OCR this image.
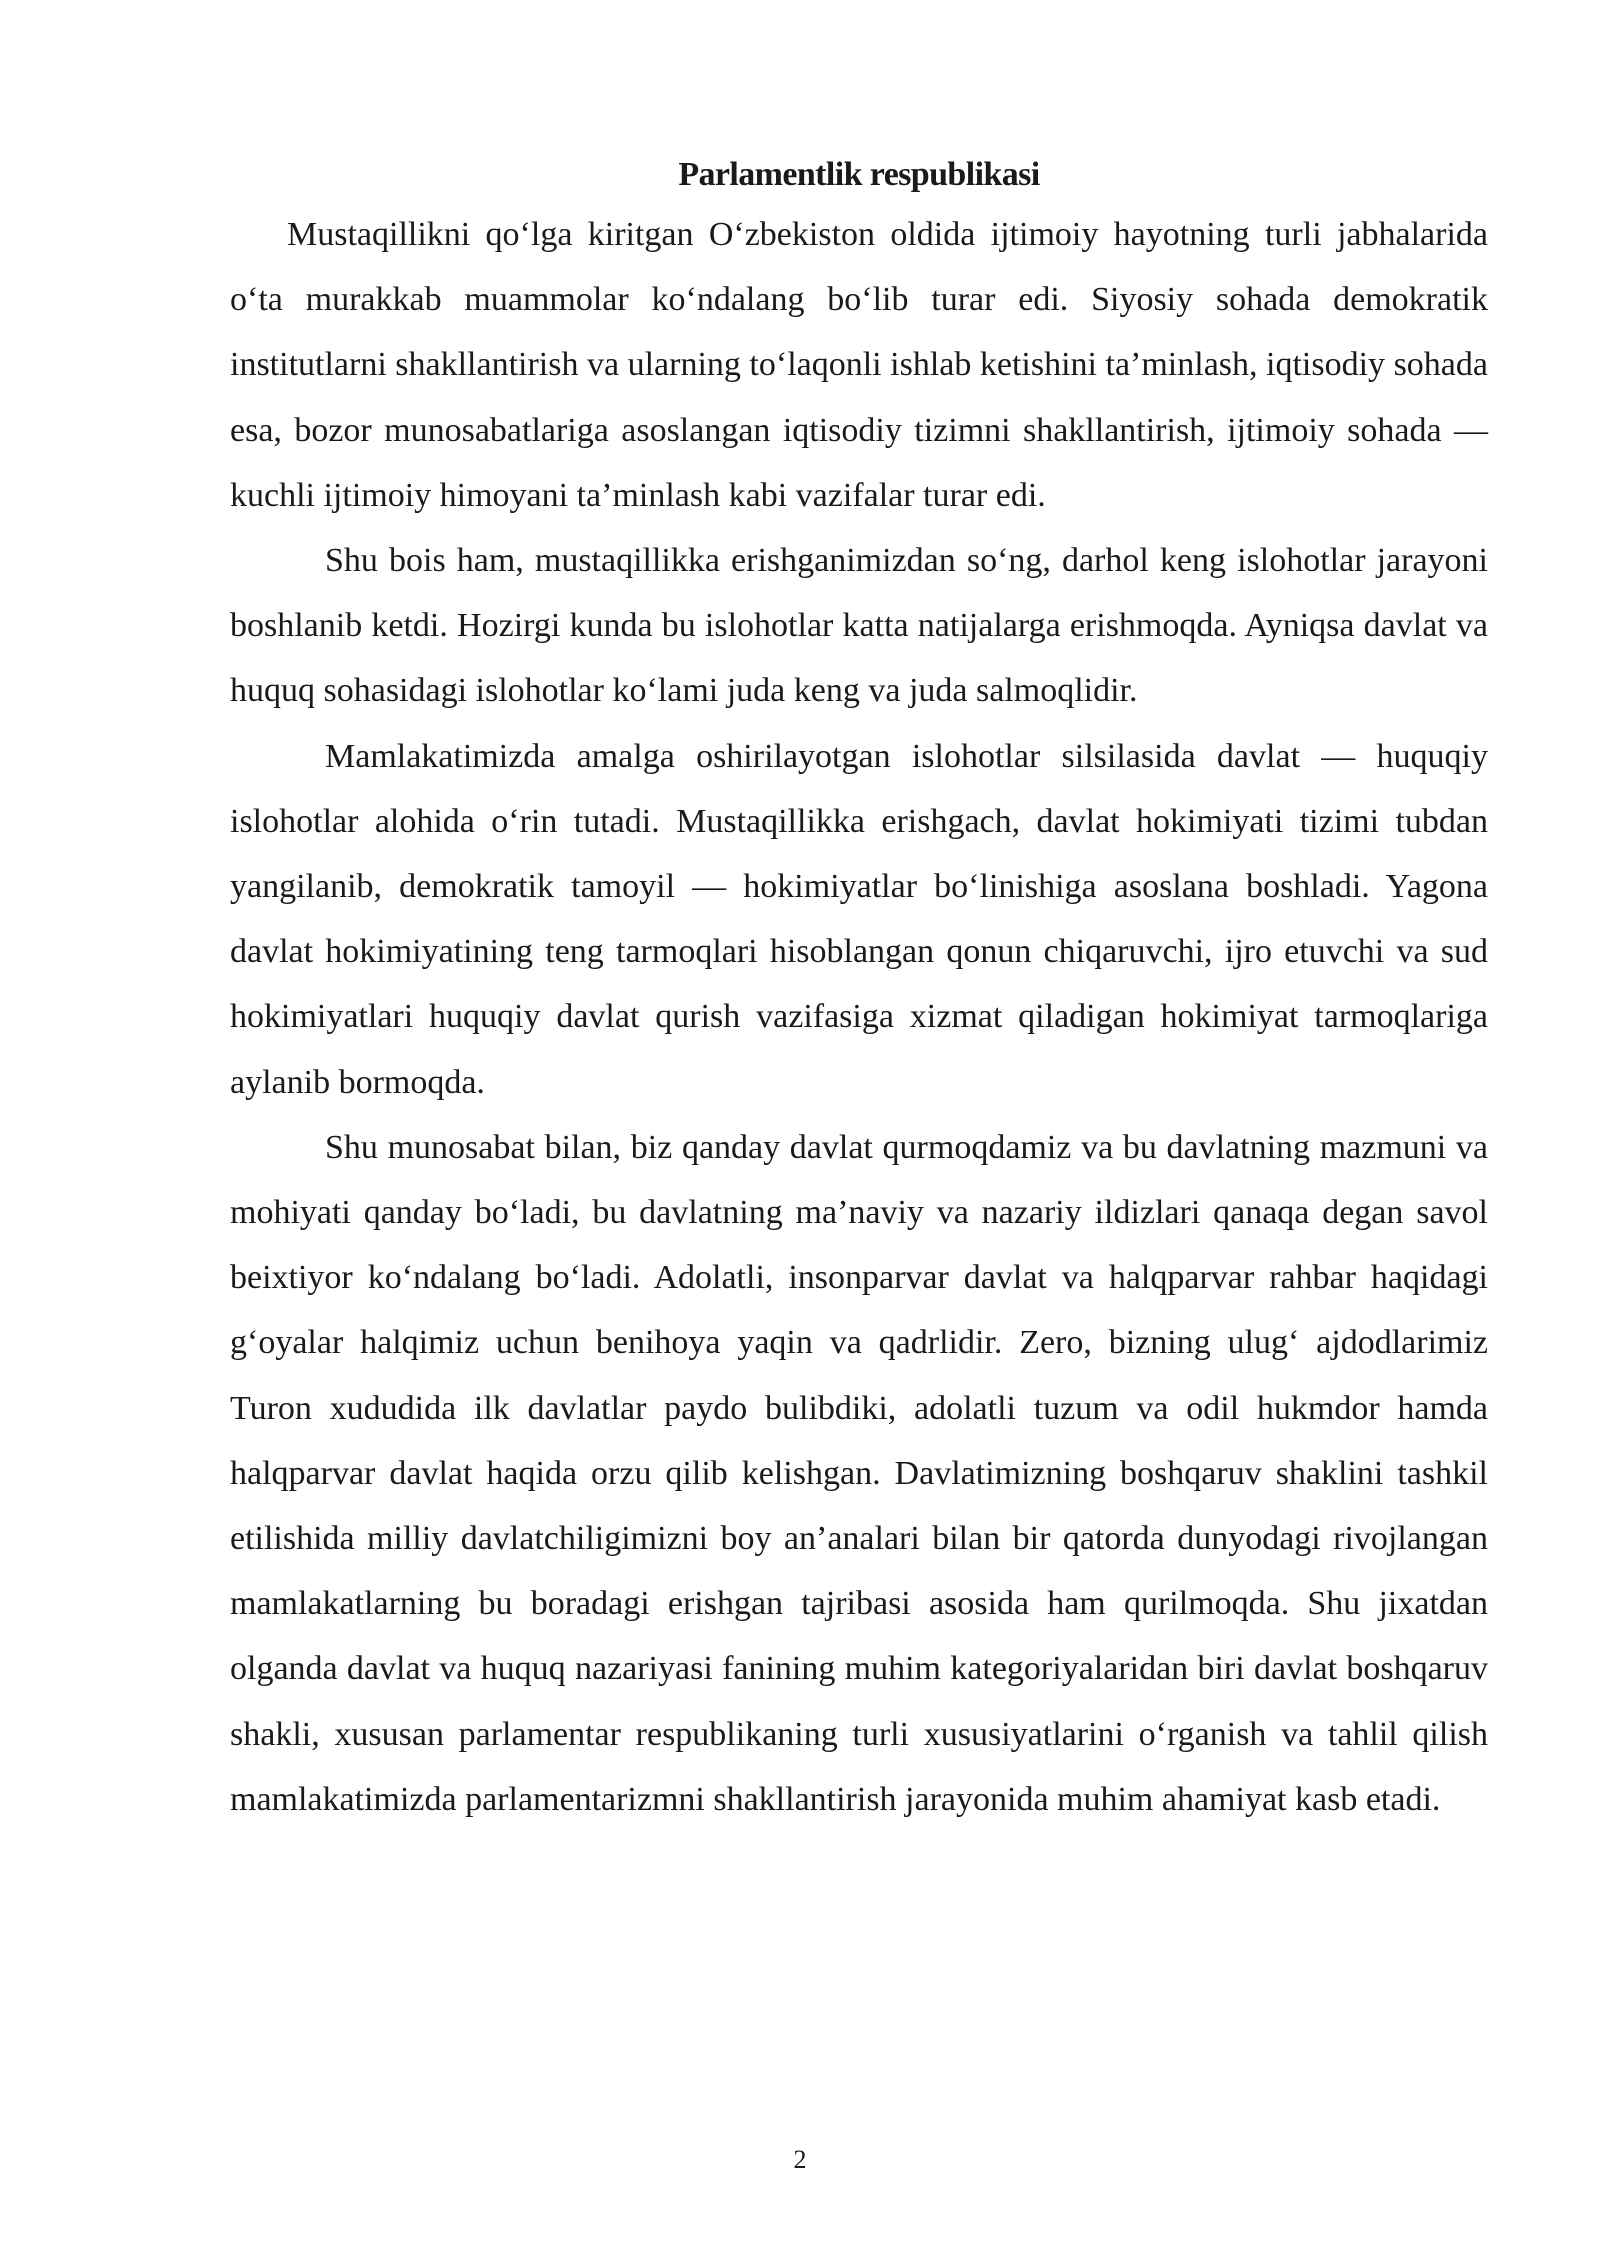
Parlamentlik respublikasi

Mustaqillikni qo‘lga kiritgan O‘zbekiston oldida ijtimoiy hayotning turli jabhalarida o‘ta murakkab muammolar ko‘ndalang bo‘lib turar edi. Siyosiy sohada demokratik institutlarni shakllantirish va ularning to‘laqonli ishlab ketishini ta’minlash, iqtisodiy sohada esa, bozor munosabatlariga asoslangan iqtisodiy tizimni shakllantirish, ijtimoiy sohada — kuchli ijtimoiy himoyani ta’minlash kabi vazifalar turar edi.

Shu bois ham, mustaqillikka erishganimizdan so‘ng, darhol keng islohotlar jarayoni boshlanib ketdi. Hozirgi kunda bu islohotlar katta natijalarga erishmoqda. Ayniqsa davlat va huquq sohasidagi islohotlar ko‘lami juda keng va juda salmoqlidir.

Mamlakatimizda amalga oshirilayotgan islohotlar silsilasida davlat — huquqiy islohotlar alohida o‘rin tutadi. Mustaqillikka erishgach, davlat hokimiyati tizimi tubdan yangilanib, demokratik tamoyil — hokimiyatlar bo‘linishiga asoslana boshladi. Yagona davlat hokimiyatining teng tarmoqlari hisoblangan qonun chiqaruvchi, ijro etuvchi va sud hokimiyatlari huquqiy davlat qurish vazifasiga xizmat qiladigan hokimiyat tarmoqlariga aylanib bormoqda.

Shu munosabat bilan, biz qanday davlat qurmoqdamiz va bu davlatning mazmuni va mohiyati qanday bo‘ladi, bu davlatning ma’naviy va nazariy ildizlari qanaqa degan savol beixtiyor ko‘ndalang bo‘ladi. Adolatli, insonparvar davlat va halqparvar rahbar haqidagi g‘oyalar halqimiz uchun benihoya yaqin va qadrlidir. Zero, bizning ulug‘ ajdodlarimiz Turon xududida ilk davlatlar paydo bulibdiki, adolatli tuzum va odil hukmdor hamda halqparvar davlat haqida orzu qilib kelishgan. Davlatimizning boshqaruv shaklini tashkil etilishida milliy davlatchiligimizni boy an’analari bilan bir qatorda dunyodagi rivojlangan mamlakatlarning bu boradagi erishgan tajribasi asosida ham qurilmoqda. Shu jixatdan olganda davlat va huquq nazariyasi fanining muhim kategoriyalaridan biri davlat boshqaruv shakli, xususan parlamentar respublikaning turli xususiyatlarini o‘rganish va tahlil qilish mamlakatimizda parlamentarizmni shakllantirish jarayonida muhim ahamiyat kasb etadi.

2
